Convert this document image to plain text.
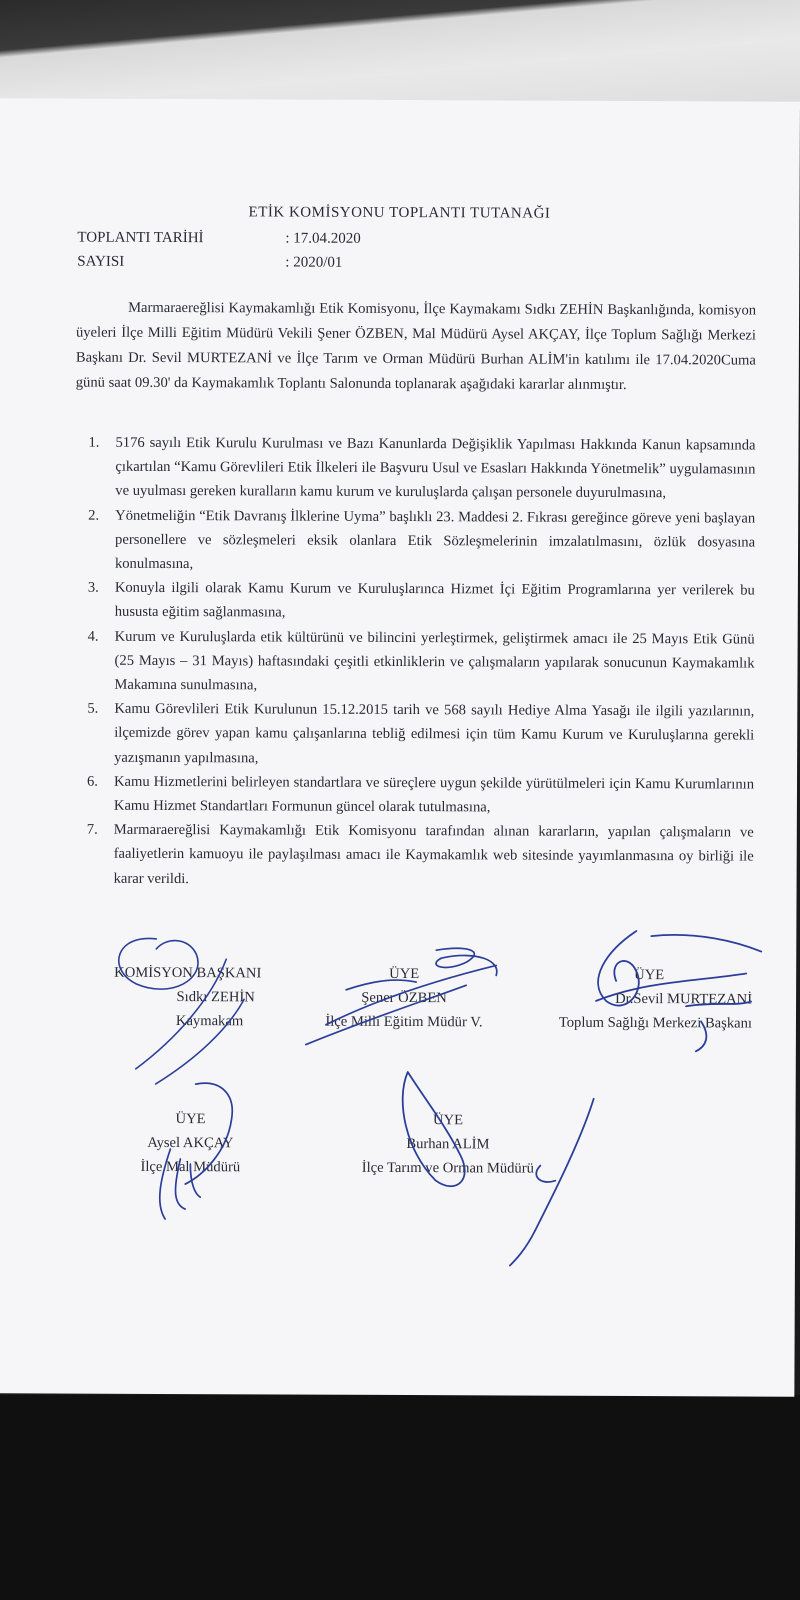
ETİK KOMİSYONU TOPLANTI TUTANAĞI
TOPLANTI TARİHİ	: 17.04.2020
SAYISI	: 2020/01

Marmaraereğlisi Kaymakamlığı Etik Komisyonu, İlçe Kaymakamı Sıdkı ZEHİN Başkanlığında, komisyon üyeleri İlçe Milli Eğitim Müdürü Vekili Şener ÖZBEN, Mal Müdürü Aysel AKÇAY, İlçe Toplum Sağlığı Merkezi Başkanı Dr. Sevil MURTEZANİ ve İlçe Tarım ve Orman Müdürü Burhan ALİM'in katılımı ile 17.04.2020Cuma günü saat 09.30' da Kaymakamlık Toplantı Salonunda toplanarak aşağıdaki kararlar alınmıştır.

1. 5176 sayılı Etik Kurulu Kurulması ve Bazı Kanunlarda Değişiklik Yapılması Hakkında Kanun kapsamında çıkartılan “Kamu Görevlileri Etik İlkeleri ile Başvuru Usul ve Esasları Hakkında Yönetmelik” uygulamasının ve uyulması gereken kuralların kamu kurum ve kuruluşlarda çalışan personele duyurulmasına,
2. Yönetmeliğin “Etik Davranış İlklerine Uyma” başlıklı 23. Maddesi 2. Fıkrası gereğince göreve yeni başlayan personellere ve sözleşmeleri eksik olanlara Etik Sözleşmelerinin imzalatılmasını, özlük dosyasına konulmasına,
3. Konuyla ilgili olarak Kamu Kurum ve Kuruluşlarınca Hizmet İçi Eğitim Programlarına yer verilerek bu hususta eğitim sağlanmasına,
4. Kurum ve Kuruluşlarda etik kültürünü ve bilincini yerleştirmek, geliştirmek amacı ile 25 Mayıs Etik Günü (25 Mayıs – 31 Mayıs) haftasındaki çeşitli etkinliklerin ve çalışmaların yapılarak sonucunun Kaymakamlık Makamına sunulmasına,
5. Kamu Görevlileri Etik Kurulunun 15.12.2015 tarih ve 568 sayılı Hediye Alma Yasağı ile ilgili yazılarının, ilçemizde görev yapan kamu çalışanlarına tebliğ edilmesi için tüm Kamu Kurum ve Kuruluşlarına gerekli yazışmanın yapılmasına,
6. Kamu Hizmetlerini belirleyen standartlara ve süreçlere uygun şekilde yürütülmeleri için Kamu Kurumlarının Kamu Hizmet Standartları Formunun güncel olarak tutulmasına,
7. Marmaraereğlisi Kaymakamlığı Etik Komisyonu tarafından alınan kararların, yapılan çalışmaların ve faaliyetlerin kamuoyu ile paylaşılması amacı ile Kaymakamlık web sitesinde yayımlanmasına oy birliği ile karar verildi.
KOMİSYON BAŞKANI
Sıdkı ZEHİN
Kaymakam
ÜYE
Şener ÖZBEN
İlçe Milli Eğitim Müdür V.
ÜYE
Dr.Sevil MURTEZANİ
Toplum Sağlığı Merkezi Başkanı
ÜYE
Aysel AKÇAY
İlçe Mal Müdürü
ÜYE
Burhan ALİM
İlçe Tarım ve Orman Müdürü
